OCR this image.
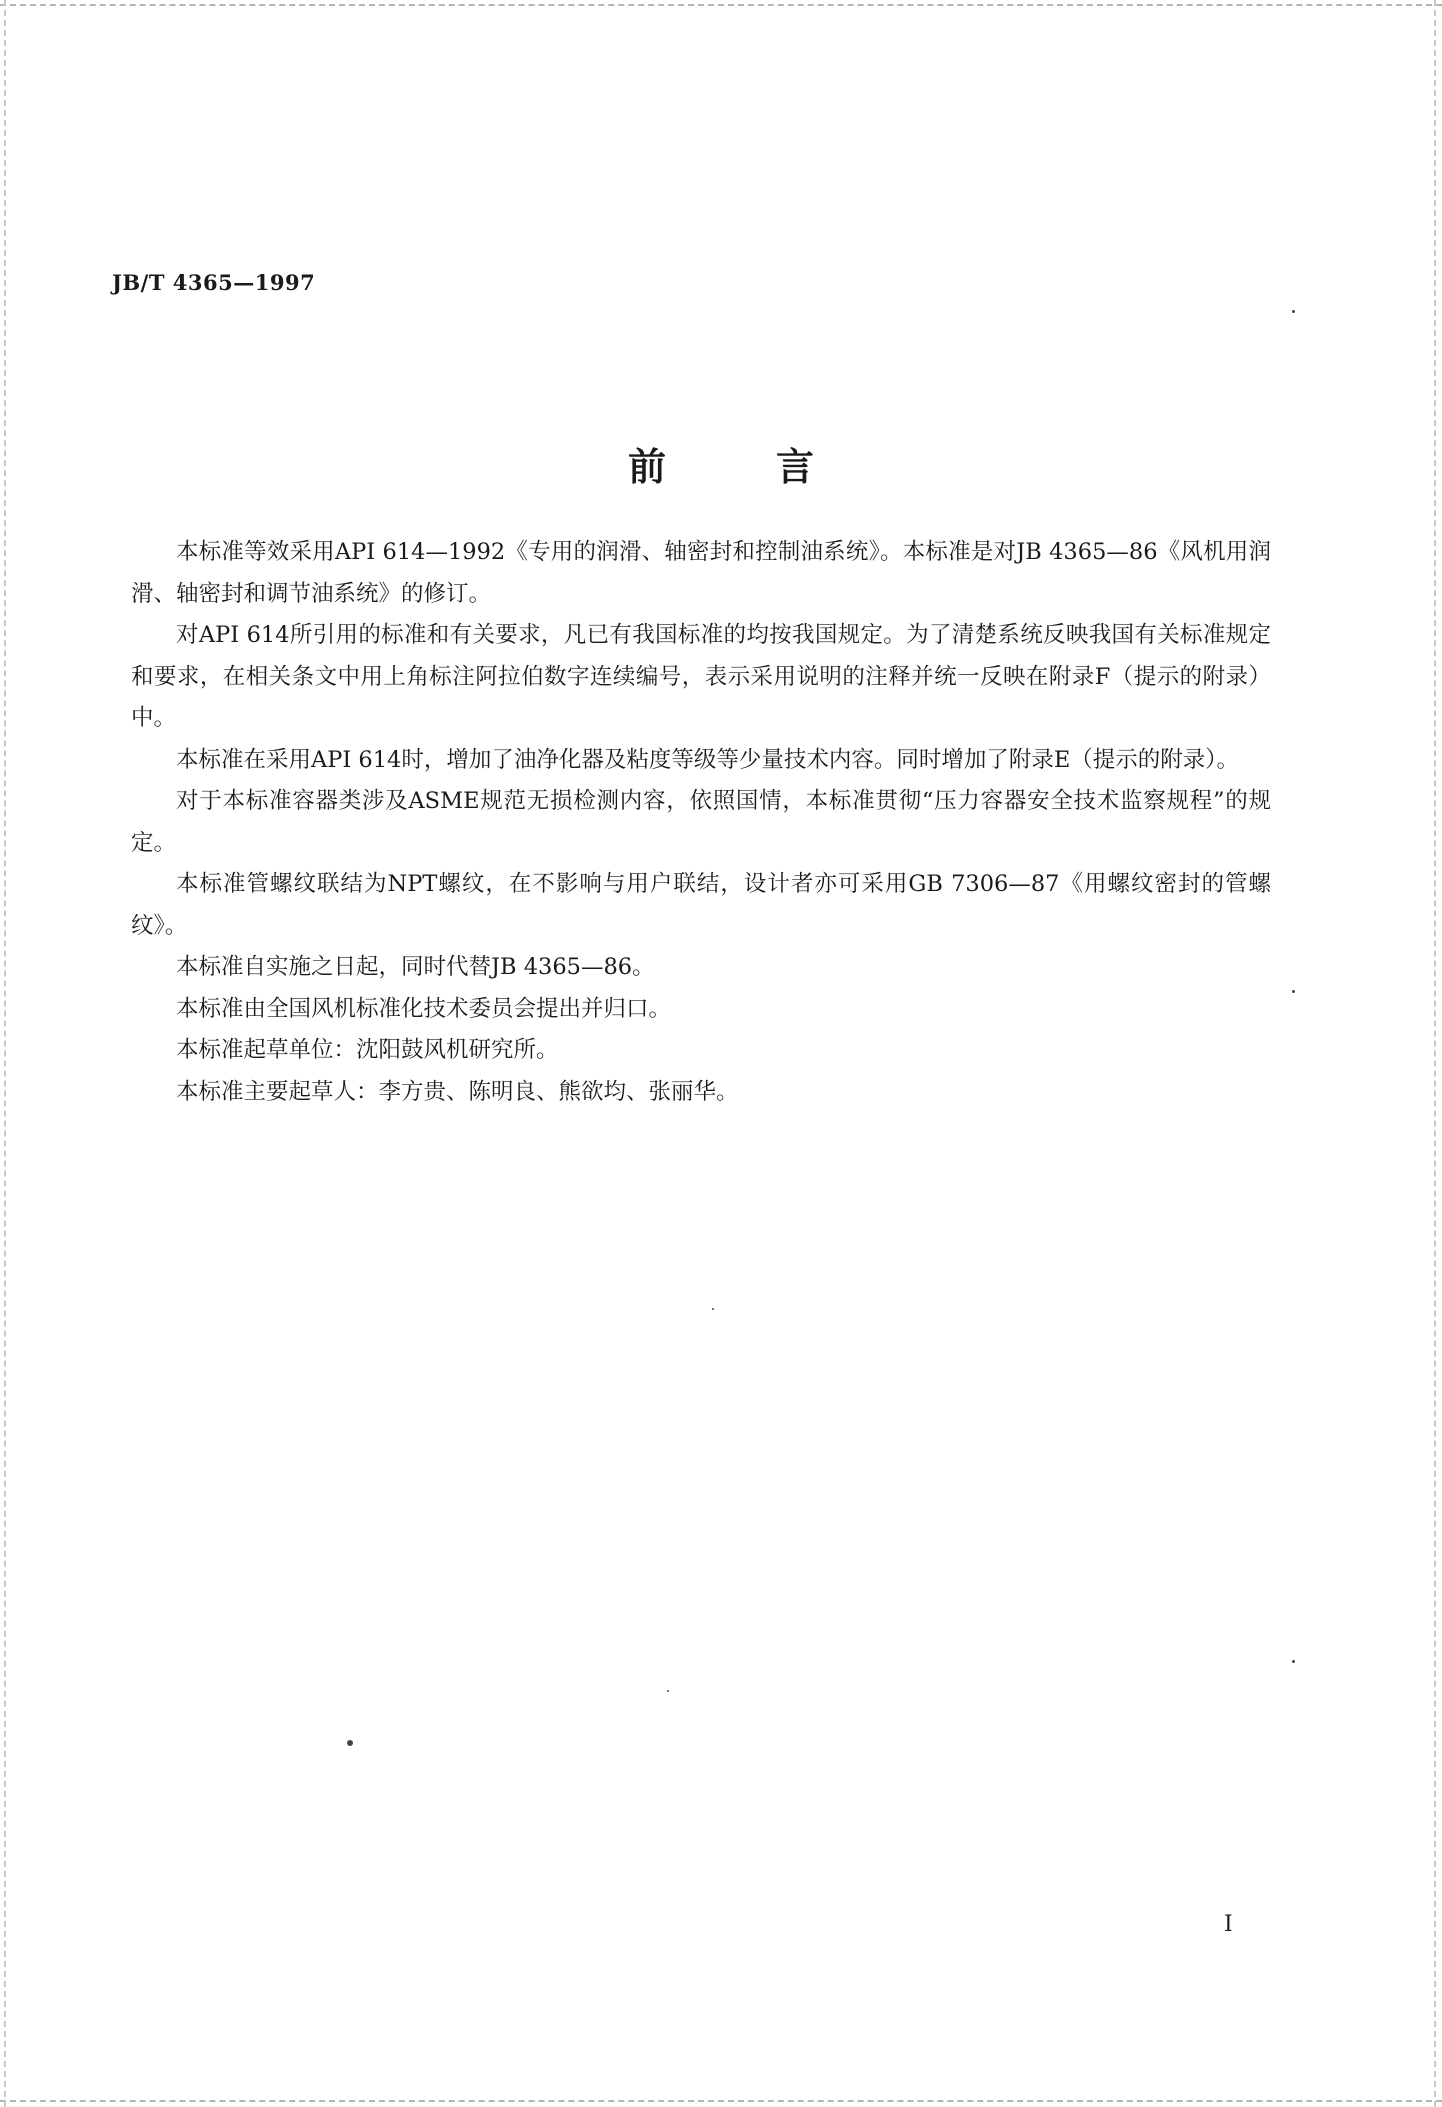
JB/T 4365—1997
前言

本标准等效采用API 614—1992《专用的润滑、轴密封和控制油系统》。本标准是对JB 4365—86《风机用润滑、轴密封和调节油系统》的修订。

对API 614所引用的标准和有关要求，凡已有我国标准的均按我国规定。为了清楚系统反映我国有关标准规定和要求，在相关条文中用上角标注阿拉伯数字连续编号，表示采用说明的注释并统一反映在附录F（提示的附录）中。

本标准在采用API 614时，增加了油净化器及粘度等级等少量技术内容。同时增加了附录E（提示的附录）。

对于本标准容器类涉及ASME规范无损检测内容，依照国情，本标准贯彻“压力容器安全技术监察规程”的规定。

本标准管螺纹联结为NPT螺纹，在不影响与用户联结，设计者亦可采用GB 7306—87《用螺纹密封的管螺纹》。

本标准自实施之日起，同时代替JB 4365—86。

本标准由全国风机标准化技术委员会提出并归口。

本标准起草单位：沈阳鼓风机研究所。

本标准主要起草人：李方贵、陈明良、熊欲均、张丽华。

I
